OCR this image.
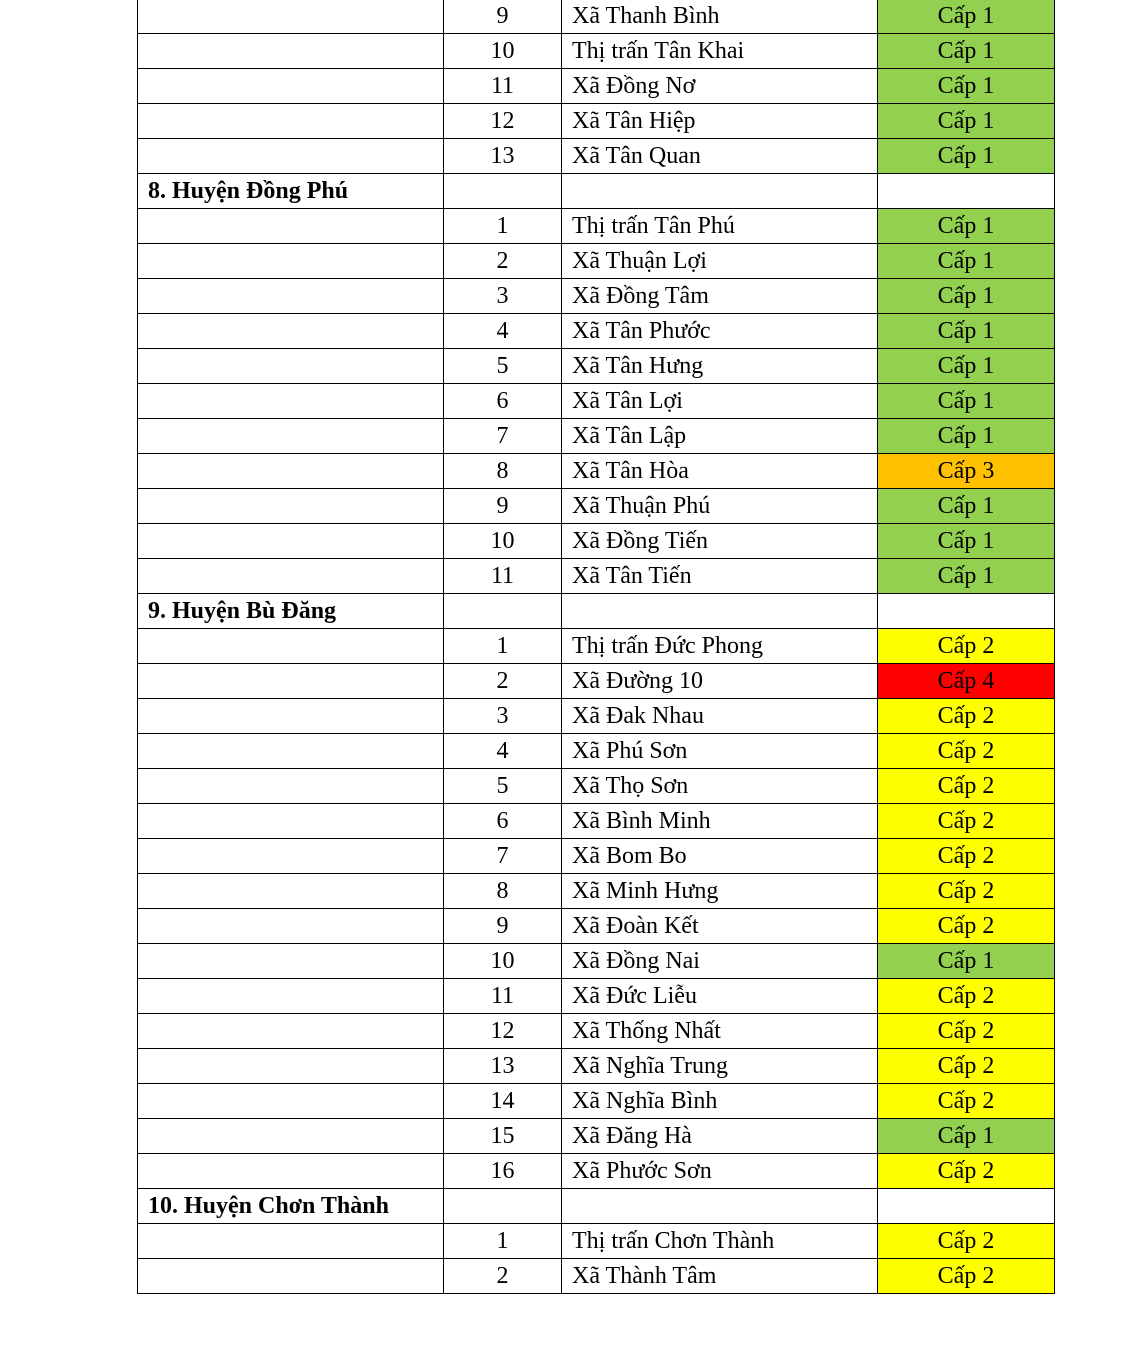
	9	Xã Thanh Bình	Cấp 1
	10	Thị trấn Tân Khai	Cấp 1
	11	Xã Đồng Nơ	Cấp 1
	12	Xã Tân Hiệp	Cấp 1
	13	Xã Tân Quan	Cấp 1
8. Huyện Đồng Phú			
	1	Thị trấn Tân Phú	Cấp 1
	2	Xã Thuận Lợi	Cấp 1
	3	Xã Đồng Tâm	Cấp 1
	4	Xã Tân Phước	Cấp 1
	5	Xã Tân Hưng	Cấp 1
	6	Xã Tân Lợi	Cấp 1
	7	Xã Tân Lập	Cấp 1
	8	Xã Tân Hòa	Cấp 3
	9	Xã Thuận Phú	Cấp 1
	10	Xã Đồng Tiến	Cấp 1
	11	Xã Tân Tiến	Cấp 1
9. Huyện Bù Đăng			
	1	Thị trấn Đức Phong	Cấp 2
	2	Xã Đường 10	Cấp 4
	3	Xã Đak Nhau	Cấp 2
	4	Xã Phú Sơn	Cấp 2
	5	Xã Thọ Sơn	Cấp 2
	6	Xã Bình Minh	Cấp 2
	7	Xã Bom Bo	Cấp 2
	8	Xã Minh Hưng	Cấp 2
	9	Xã Đoàn Kết	Cấp 2
	10	Xã Đồng Nai	Cấp 1
	11	Xã Đức Liễu	Cấp 2
	12	Xã Thống Nhất	Cấp 2
	13	Xã Nghĩa Trung	Cấp 2
	14	Xã Nghĩa Bình	Cấp 2
	15	Xã Đăng Hà	Cấp 1
	16	Xã Phước Sơn	Cấp 2
10. Huyện Chơn Thành			
	1	Thị trấn Chơn Thành	Cấp 2
	2	Xã Thành Tâm	Cấp 2
